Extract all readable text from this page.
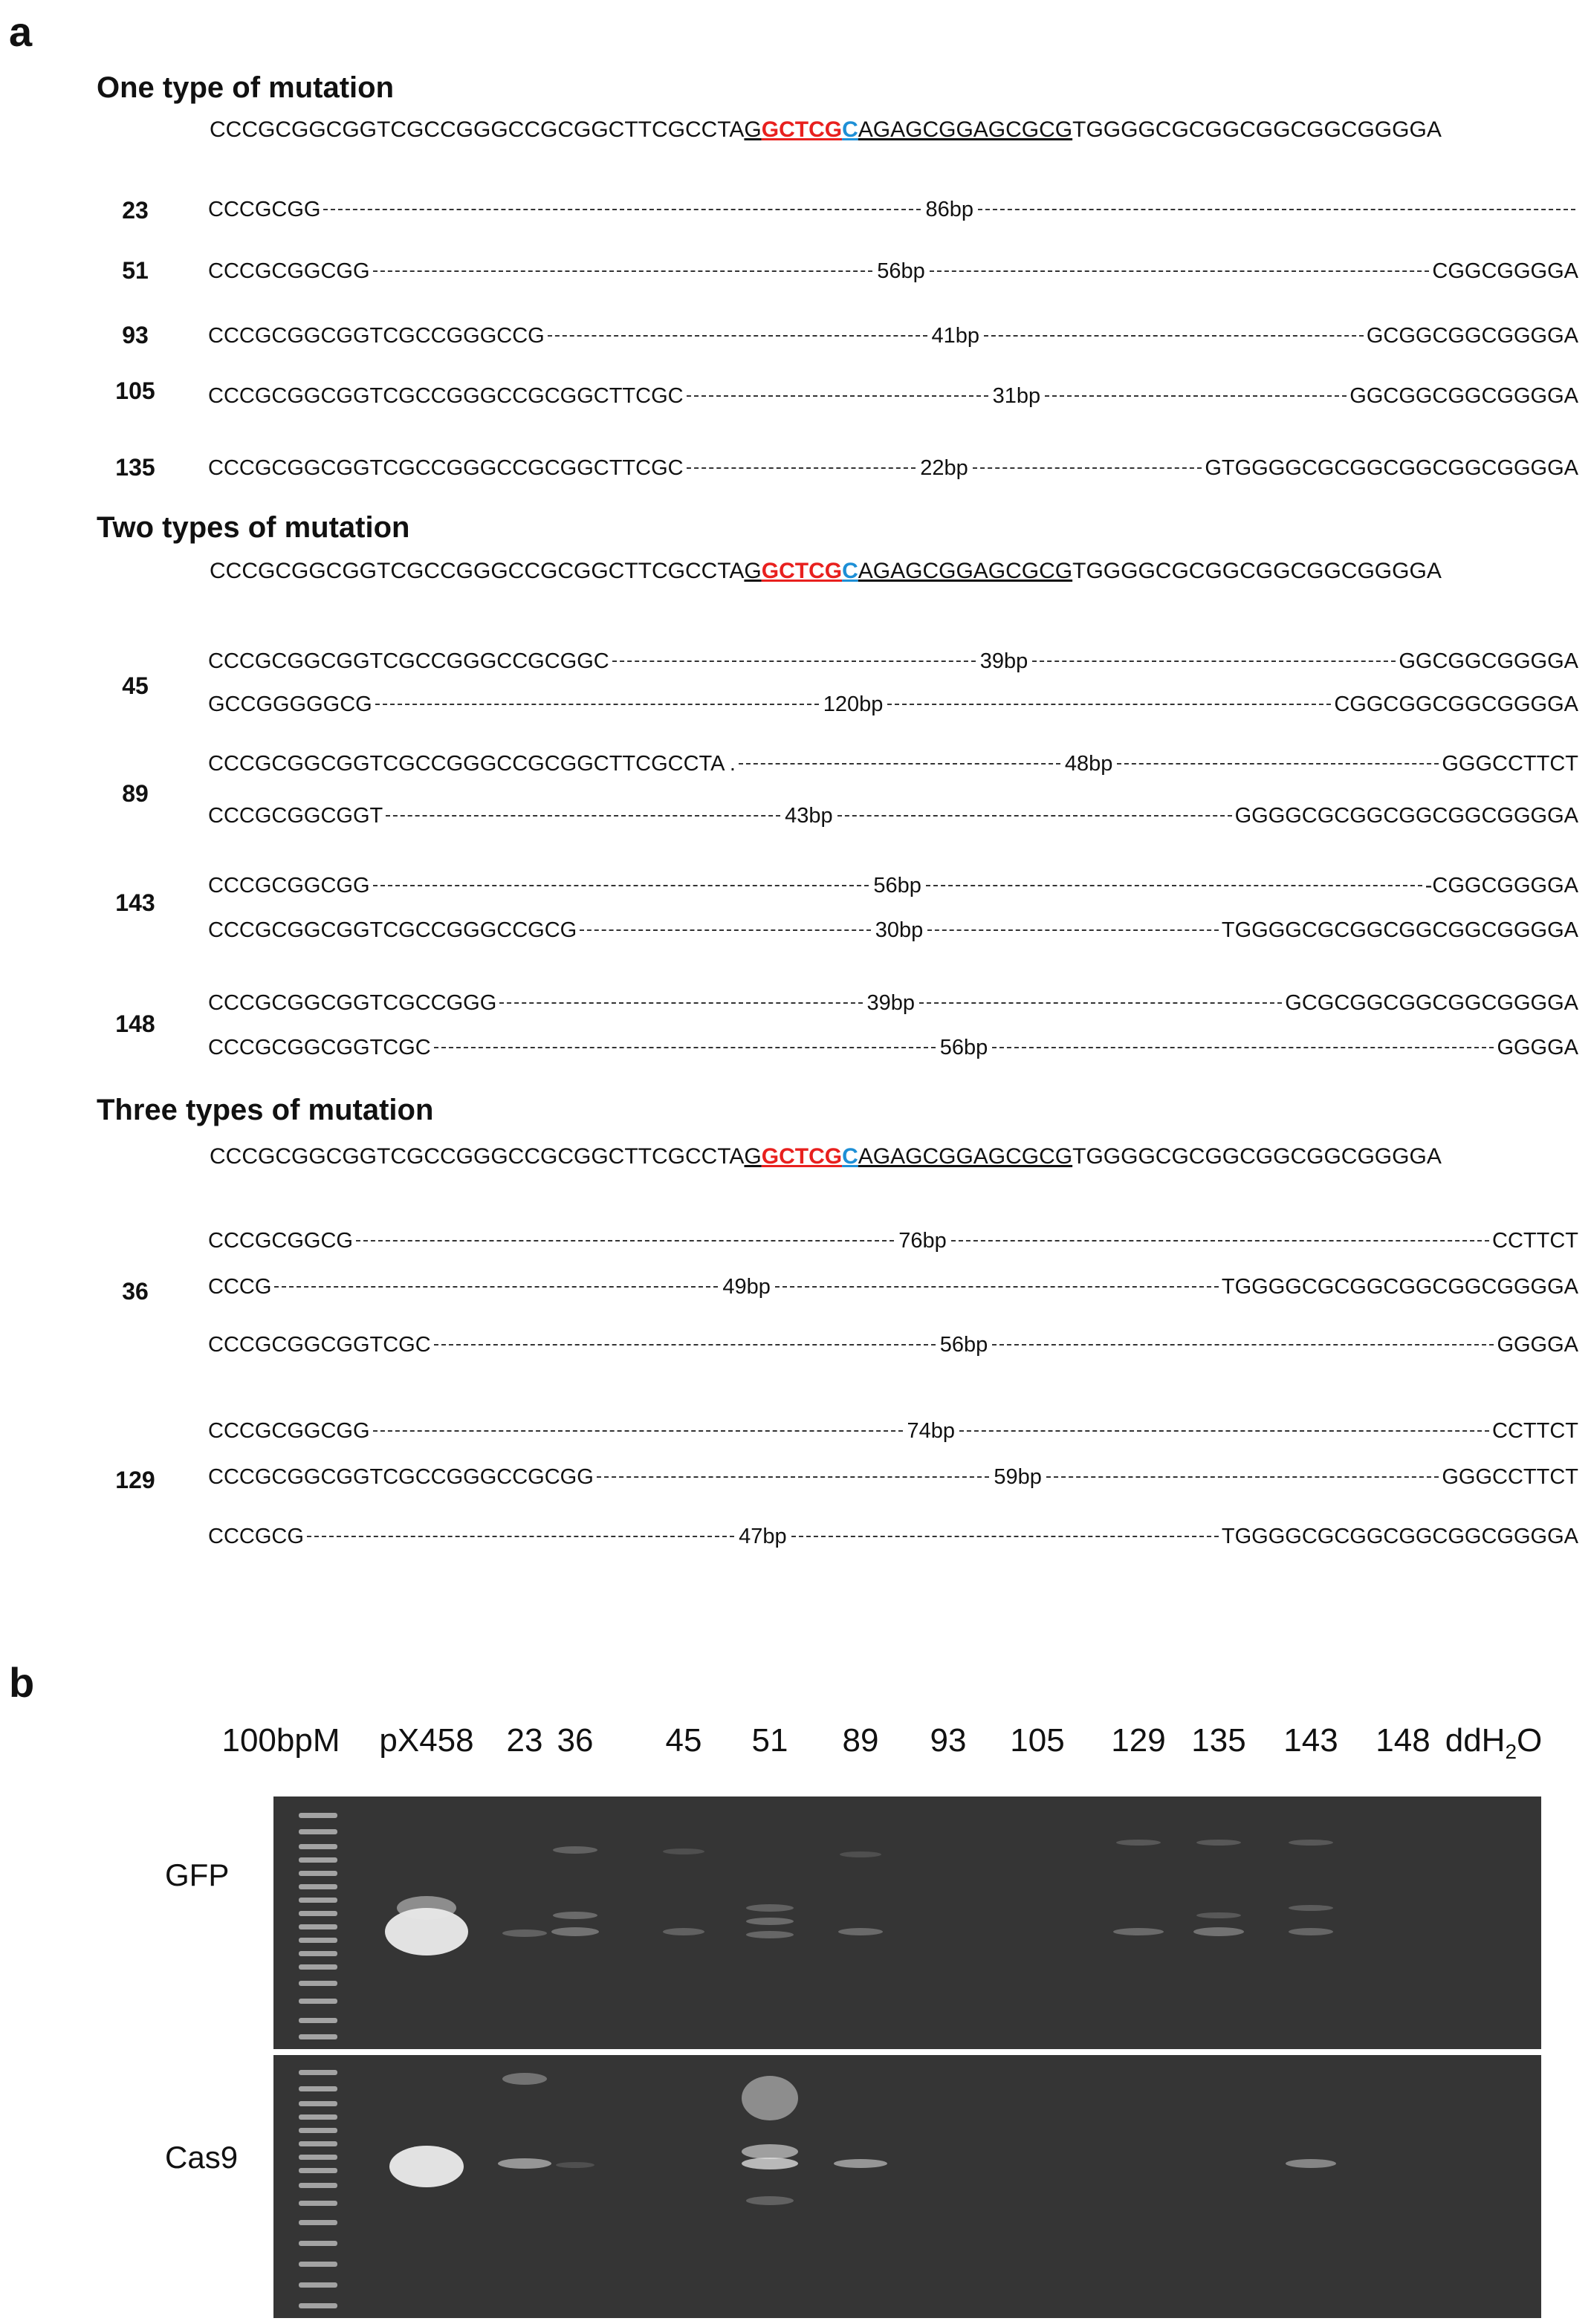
a
One type of mutation
CCCGCGGCGGTCGCCGGGCCGCGGCTTCGCCTAGGCTCGCAGAGCGGAGCGCGTGGGGCGCGGCGGCGGCGGGGA
23	CCCGCGG	86bp
51	CCCGCGGCGG	56bp	CGGCGGGGA
93	CCCGCGGCGGTCGCCGGGCCG	41bp	GCGGCGGCGGGGA
105	CCCGCGGCGGTCGCCGGGCCGCGGCTTCGC	31bp	GGCGGCGGCGGGGA
135	CCCGCGGCGGTCGCCGGGCCGCGGCTTCGC	22bp	GTGGGGCGCGGCGGCGGCGGGGA
Two types of mutation
CCCGCGGCGGTCGCCGGGCCGCGGCTTCGCCTAGGCTCGCAGAGCGGAGCGCGTGGGGCGCGGCGGCGGCGGGGA
45
CCCGCGGCGGTCGCCGGGCCGCGGC	39bp	GGCGGCGGGGA
GCCGGGGGCG	120bp	CGGCGGCGGCGGGGA
89
CCCGCGGCGGTCGCCGGGCCGCGGCTTCGCCTA .	48bp	GGGCCTTCT
CCCGCGGCGGT	43bp	GGGGCGCGGCGGCGGCGGGGA
143
CCCGCGGCGG	56bp	-CGGCGGGGA
CCCGCGGCGGTCGCCGGGCCGCG	30bp	TGGGGCGCGGCGGCGGCGGGGA
148
CCCGCGGCGGTCGCCGGG	39bp	GCGCGGCGGCGGCGGGGA
CCCGCGGCGGTCGC	56bp	GGGGA
Three types of mutation
CCCGCGGCGGTCGCCGGGCCGCGGCTTCGCCTAGGCTCGCAGAGCGGAGCGCGTGGGGCGCGGCGGCGGCGGGGA
36
CCCGCGGCG	76bp	CCTTCT
CCCG	49bp	TGGGGCGCGGCGGCGGCGGGGA
CCCGCGGCGGTCGC	56bp	GGGGA
129
CCCGCGGCGG	74bp	CCTTCT
CCCGCGGCGGTCGCCGGGCCGCGG	59bp	GGGCCTTCT
CCCGCG	47bp	TGGGGCGCGGCGGCGGCGGGGA
b
100bpM pX458 23 36 45 51 89 93 105 129 135 143 148 ddH$_2$O
GFP
Cas9
